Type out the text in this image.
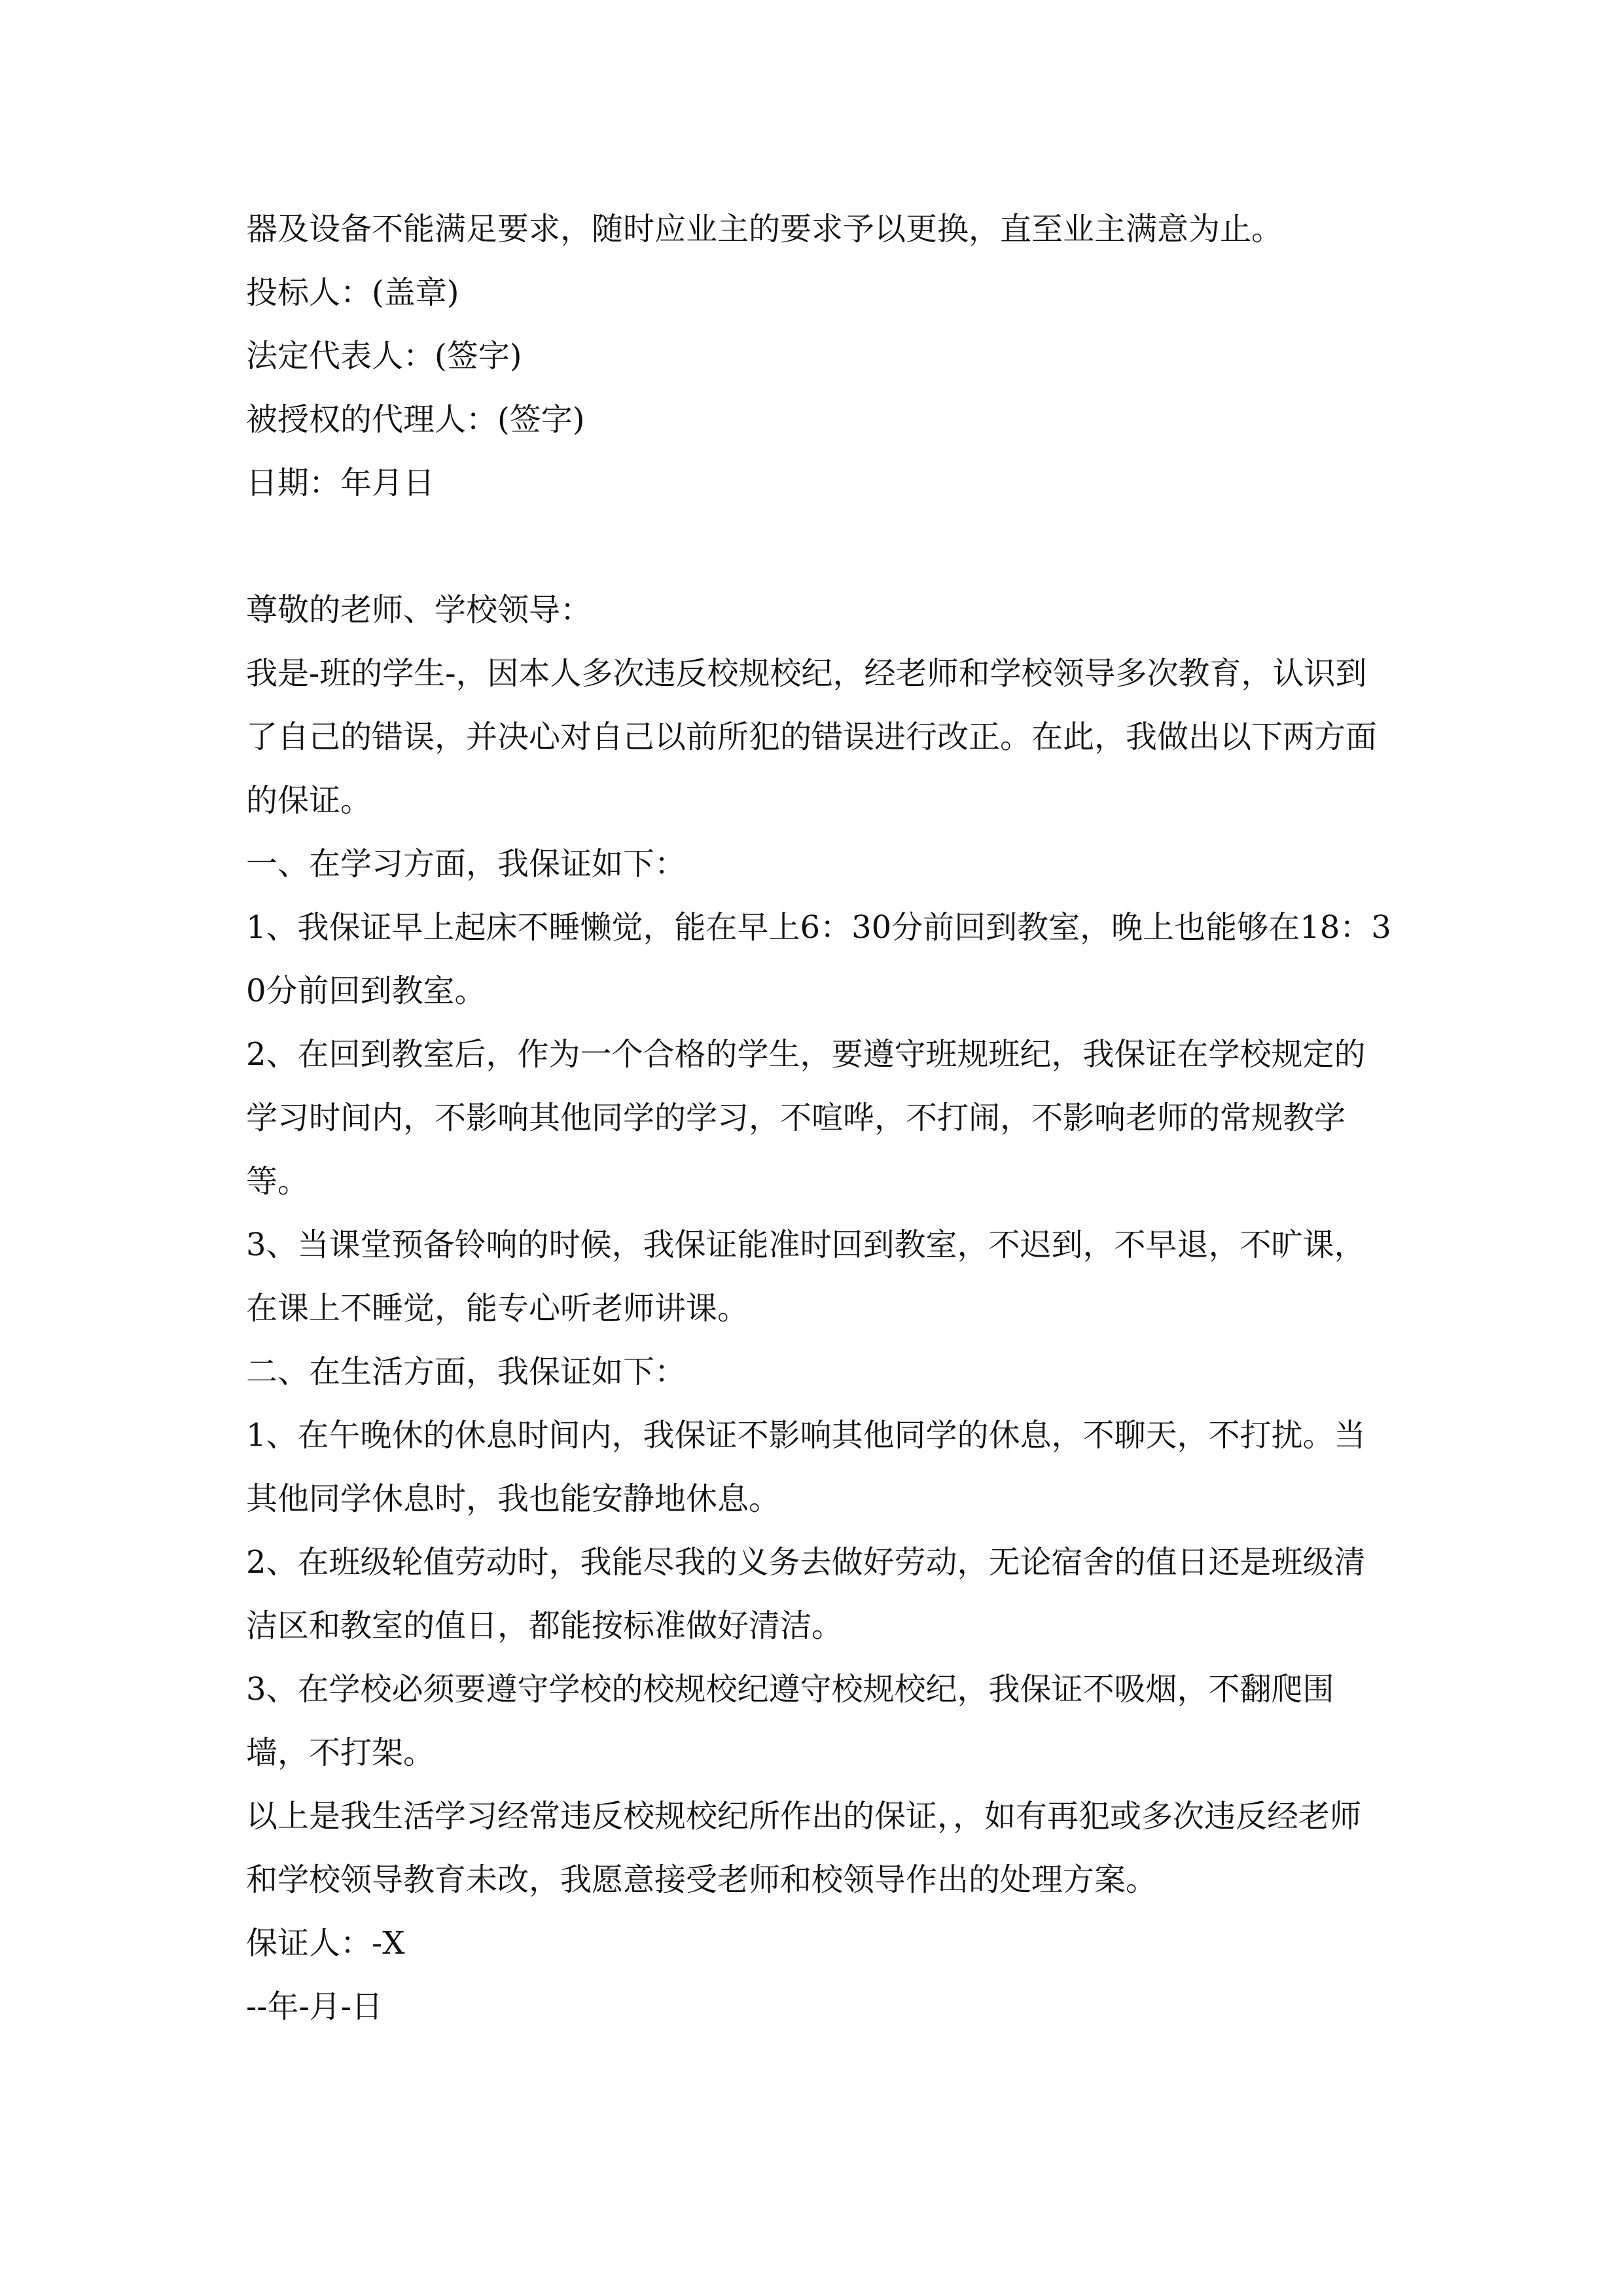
器及设备不能满足要求，随时应业主的要求予以更换，直至业主满意为止。

投标人：(盖章)

法定代表人：(签字)

被授权的代理人：(签字)

日期：年月日

尊敬的老师、学校领导：

我是-班的学生-，因本人多次违反校规校纪，经老师和学校领导多次教育，认识到了自己的错误，并决心对自己以前所犯的错误进行改正。在此，我做出以下两方面的保证。

一、在学习方面，我保证如下：

1、我保证早上起床不睡懒觉，能在早上6：30分前回到教室，晚上也能够在18：30分前回到教室。

2、在回到教室后，作为一个合格的学生，要遵守班规班纪，我保证在学校规定的学习时间内，不影响其他同学的学习，不喧哗，不打闹，不影响老师的常规教学等。

3、当课堂预备铃响的时候，我保证能准时回到教室，不迟到，不早退，不旷课，在课上不睡觉，能专心听老师讲课。

二、在生活方面，我保证如下：

1、在午晚休的休息时间内，我保证不影响其他同学的休息，不聊天，不打扰。当其他同学休息时，我也能安静地休息。

2、在班级轮值劳动时，我能尽我的义务去做好劳动，无论宿舍的值日还是班级清洁区和教室的值日，都能按标准做好清洁。

3、在学校必须要遵守学校的校规校纪遵守校规校纪，我保证不吸烟，不翻爬围墙，不打架。

以上是我生活学习经常违反校规校纪所作出的保证，，如有再犯或多次违反经老师和学校领导教育未改，我愿意接受老师和校领导作出的处理方案。

保证人：-X

--年-月-日
